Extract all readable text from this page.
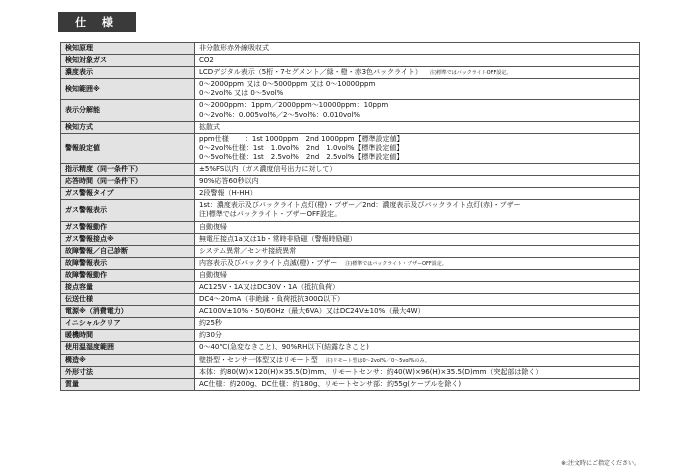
仕 様
検知原理	非分散形赤外線吸収式

検知対象ガス	CO2

濃度表示	LCDデジタル表示（5桁・7セグメント／緑・橙・赤3色バックライト） 注)標準ではバックライトOFF設定。

検知範囲※	0～2000ppm 又は 0～5000ppm 又は 0～10000ppm
0～2vol% 又は 0～5vol%

表示分解能	0～2000ppm：1ppm／2000ppm～10000ppm：10ppm
0～2vol%：0.005vol%／2～5vol%：0.010vol%

検知方式	拡散式

警報設定値	ppm仕様　　 ：1st 1000ppm　2nd 1000ppm【標準設定値】
0～2vol%仕様：1st　1.0vol%　2nd　1.0vol%【標準設定値】
0～5vol%仕様：1st　2.5vol%　2nd　2.5vol%【標準設定値】

指示精度（同一条件下）	±5%FS以内（ガス濃度信号出力に対して）

応答時間（同一条件下）	90%応答60秒以内

ガス警報タイプ	2段警報（H-HH）

ガス警報表示	1st：濃度表示及びバックライト点灯(橙)・ブザー／2nd：濃度表示及びバックライト点灯(赤)・ブザー
注)標準ではバックライト・ブザーOFF設定。

ガス警報動作	自動復帰

ガス警報接点※	無電圧接点1a又は1b・常時非励磁（警報時励磁）

故障警報／自己診断	システム異常／センサ接続異常

故障警報表示	内容表示及びバックライト点滅(橙)・ブザー 注)標準ではバックライト・ブザーOFF設定。

故障警報動作	自動復帰

接点容量	AC125V・1A又はDC30V・1A（抵抗負荷）

伝送仕様	DC4～20mA（非絶縁・負荷抵抗300Ω以下）

電源※（消費電力）	AC100V±10%・50/60Hz（最大6VA）又はDC24V±10%（最大4W）

イニシャルクリア	約25秒

暖機時間	約30分

使用温湿度範囲	0～40℃(急変なきこと)、90%RH以下(結露なきこと)

構造※	壁掛型・センサ一体型又はリモート型 注)リモート型は0～2vol%／0～5vol%のみ。

外形寸法	本体：約80(W)×120(H)×35.5(D)mm、リモートセンサ：約40(W)×96(H)×35.5(D)mm（突起部は除く）

質量	AC仕様：約200g、DC仕様：約180g、リモートセンサ部：約55g(ケーブルを除く)
※:注文時にご指定ください。
